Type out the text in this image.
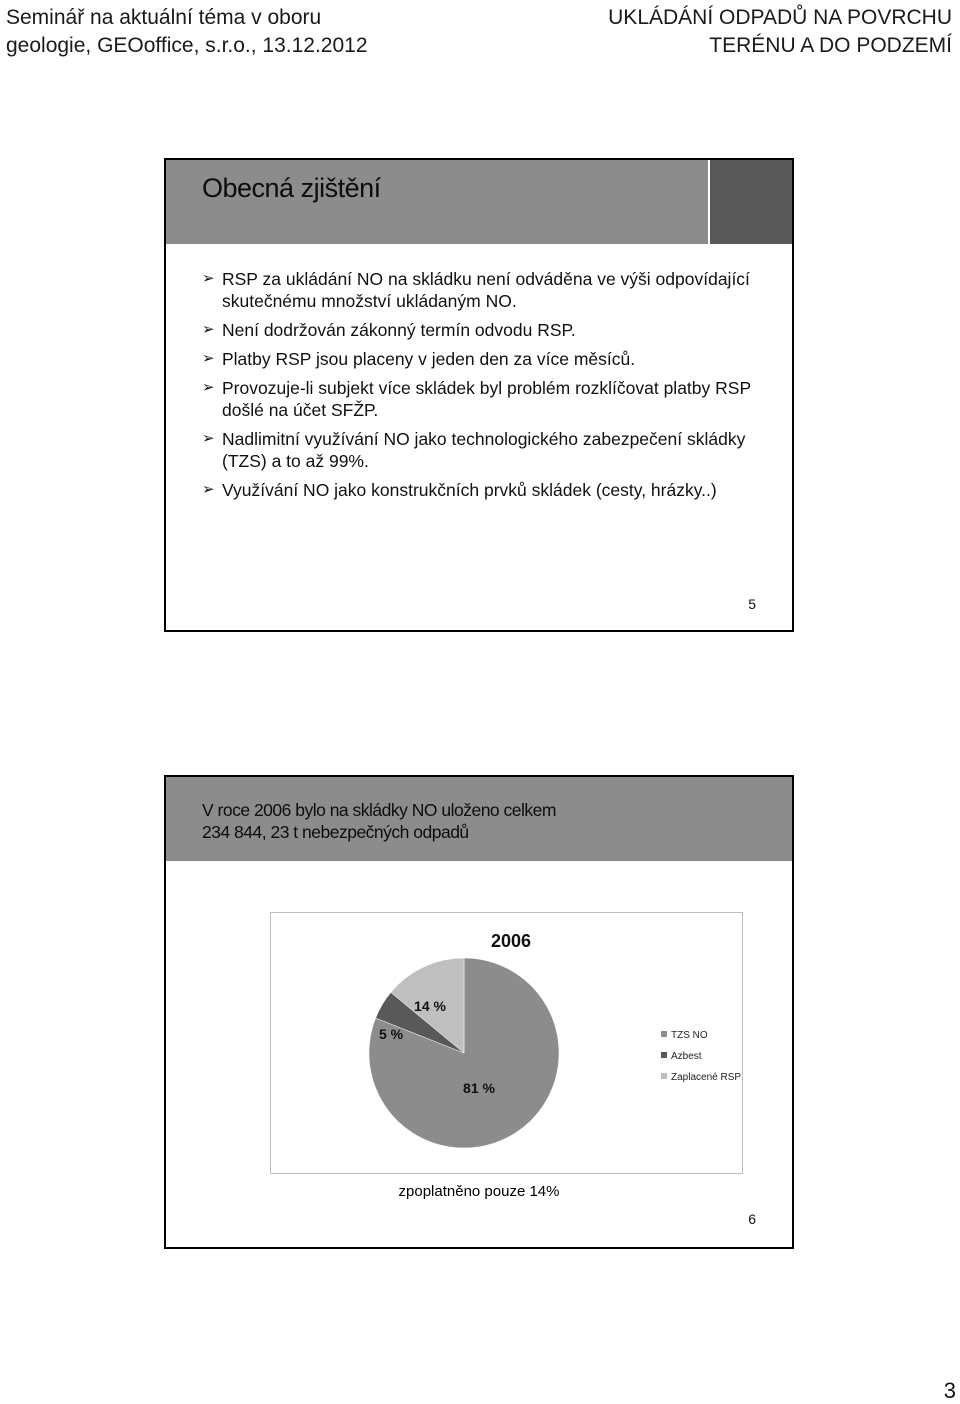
Seminář na aktuální téma v oboru
geologie, GEOoffice, s.r.o., 13.12.2012
UKLÁDÁNÍ ODPADŮ NA POVRCHU
TERÉNU A DO PODZEMÍ
Obecná zjištění
➢ RSP za ukládání NO na skládku není odváděna ve výši odpovídající skutečnému množství ukládaným NO.
➢ Není dodržován zákonný termín odvodu RSP.
➢ Platby RSP jsou placeny v jeden den za více měsíců.
➢ Provozuje-li subjekt více skládek byl problém rozklíčovat platby RSP došlé na účet SFŽP.
➢ Nadlimitní využívání NO jako technologického zabezpečení skládky (TZS) a to až 99%.
➢ Využívání NO jako konstrukčních prvků skládek (cesty, hrázky..)
5
V roce 2006 bylo na skládky NO uloženo celkem
234 844, 23 t nebezpečných odpadů
2006
81 %
5 %
14 %
TZS NO
Azbest
Zaplacené RSP
zpoplatněno pouze 14%
6
3
